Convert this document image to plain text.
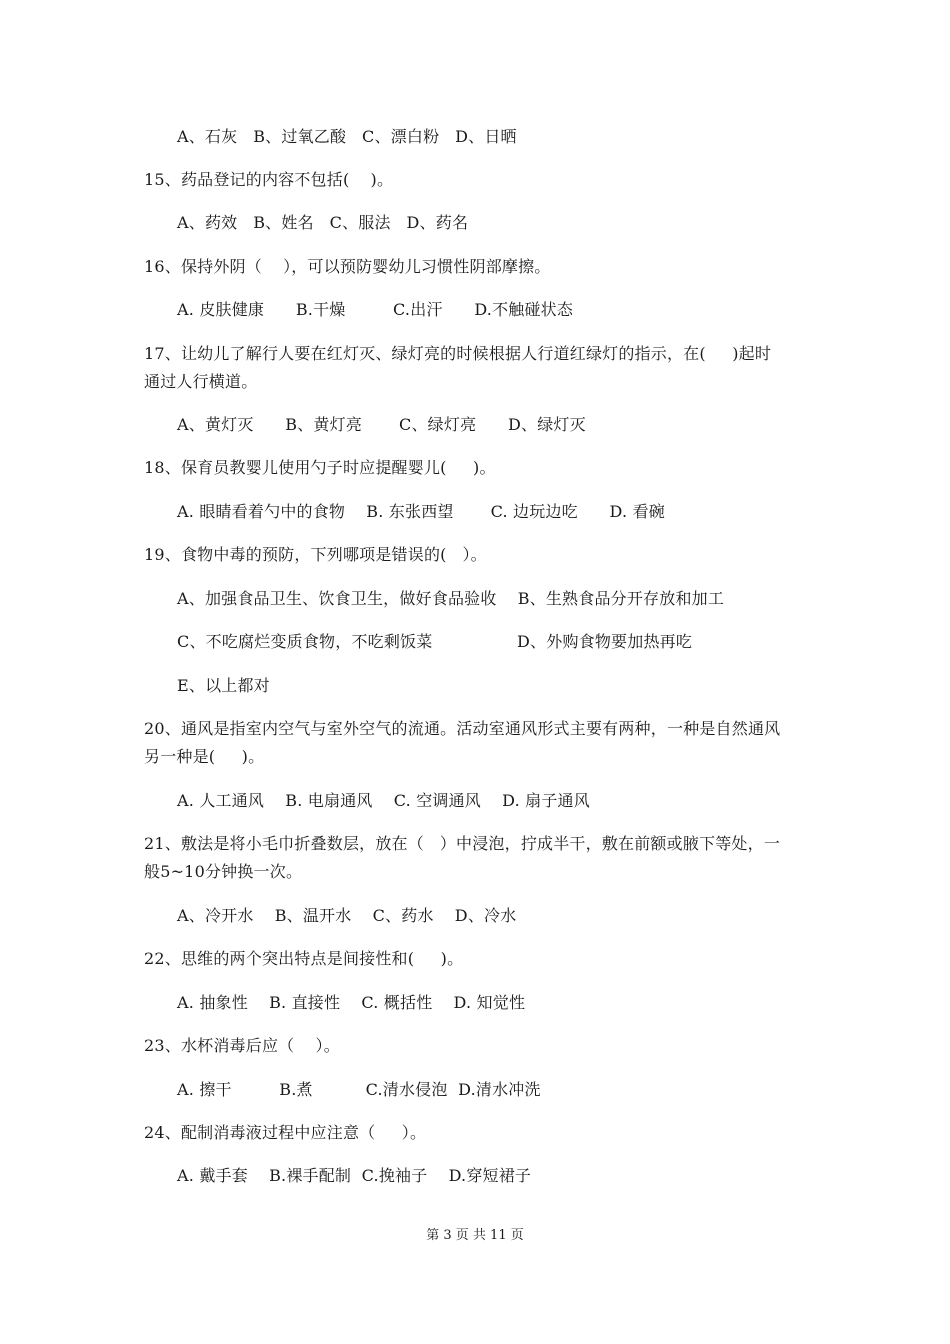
A、石灰   B、过氧乙酸   C、漂白粉   D、日晒
15、药品登记的内容不包括(    )。
A、药效   B、姓名   C、服法   D、药名
16、保持外阴（    ），可以预防婴幼儿习惯性阴部摩擦。
A. 皮肤健康      B.干燥         C.出汗      D.不触碰状态
17、让幼儿了解行人要在红灯灭、绿灯亮的时候根据人行道红绿灯的指示，在(     )起时
通过人行横道。
A、黄灯灭      B、黄灯亮       C、绿灯亮      D、绿灯灭
18、保育员教婴儿使用勺子时应提醒婴儿(     )。
A. 眼睛看着勺中的食物    B. 东张西望       C. 边玩边吃      D. 看碗
19、食物中毒的预防，下列哪项是错误的(   ）。
A、加强食品卫生、饮食卫生，做好食品验收    B、生熟食品分开存放和加工
C、不吃腐烂变质食物，不吃剩饭菜                D、外购食物要加热再吃
E、以上都对
20、通风是指室内空气与室外空气的流通。活动室通风形式主要有两种，一种是自然通风
另一种是(     )。
A. 人工通风    B. 电扇通风    C. 空调通风    D. 扇子通风
21、敷法是将小毛巾折叠数层，放在（   ）中浸泡，拧成半干，敷在前额或腋下等处，一
般5~10分钟换一次。
A、冷开水    B、温开水    C、药水    D、冷水
22、思维的两个突出特点是间接性和(     )。
A. 抽象性    B. 直接性    C. 概括性    D. 知觉性
23、水杯消毒后应（    ）。
A. 擦干         B.煮          C.清水侵泡  D.清水冲洗
24、配制消毒液过程中应注意（     ）。
A. 戴手套    B.裸手配制  C.挽袖子    D.穿短裙子
第 3 页 共 11 页
